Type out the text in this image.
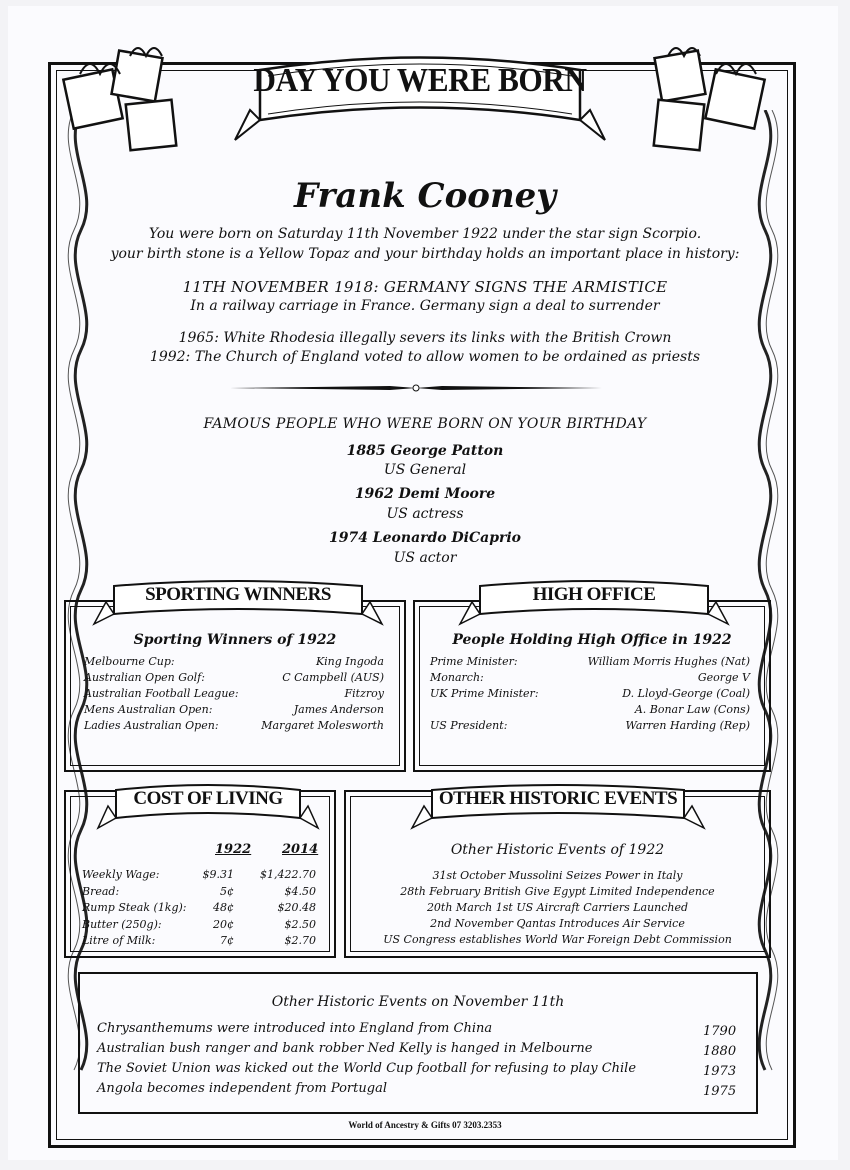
DAY YOU WERE BORN
Frank Cooney
You were born on Saturday 11th November 1922 under the star sign Scorpio.
your birth stone is a Yellow Topaz and your birthday holds an important place in history:
11TH NOVEMBER 1918: GERMANY SIGNS THE ARMISTICE
In a railway carriage in France. Germany sign a deal to surrender
1965: White Rhodesia illegally severs its links with the British Crown
1992: The Church of England voted to allow women to be ordained as priests
FAMOUS PEOPLE WHO WERE BORN ON YOUR BIRTHDAY
1885 George Patton
US General
1962 Demi Moore
US actress
1974 Leonardo DiCaprio
US actor
SPORTING WINNERS
Sporting Winners of 1922
Melbourne Cup:	King Ingoda
Australian Open Golf:	C Campbell (AUS)
Australian Football League:	Fitzroy
Mens Australian Open:	James Anderson
Ladies Australian Open:	Margaret Molesworth
HIGH OFFICE
People Holding High Office in 1922
Prime Minister:	William Morris Hughes (Nat)
Monarch:	George V
UK Prime Minister:	D. Lloyd-George (Coal)
A. Bonar Law (Cons)
US President:	Warren Harding (Rep)
COST OF LIVING
1922 2014
Weekly Wage:	$9.31 $1,422.70
Bread:	5¢	$4.50
Rump Steak (1kg): 48¢	$20.48
Butter (250g):	20¢	$2.50
Litre of Milk:	7¢	$2.70
OTHER HISTORIC EVENTS
Other Historic Events of 1922
31st October Mussolini Seizes Power in Italy
28th February British Give Egypt Limited Independence
20th March 1st US Aircraft Carriers Launched
2nd November Qantas Introduces Air Service
US Congress establishes World War Foreign Debt Commission
Other Historic Events on November 11th
Chrysanthemums were introduced into England from China	1790
Australian bush ranger and bank robber Ned Kelly is hanged in Melbourne	1880
The Soviet Union was kicked out the World Cup football for refusing to play Chile	1973
Angola becomes independent from Portugal	1975
World of Ancestry & Gifts 07 3203.2353
